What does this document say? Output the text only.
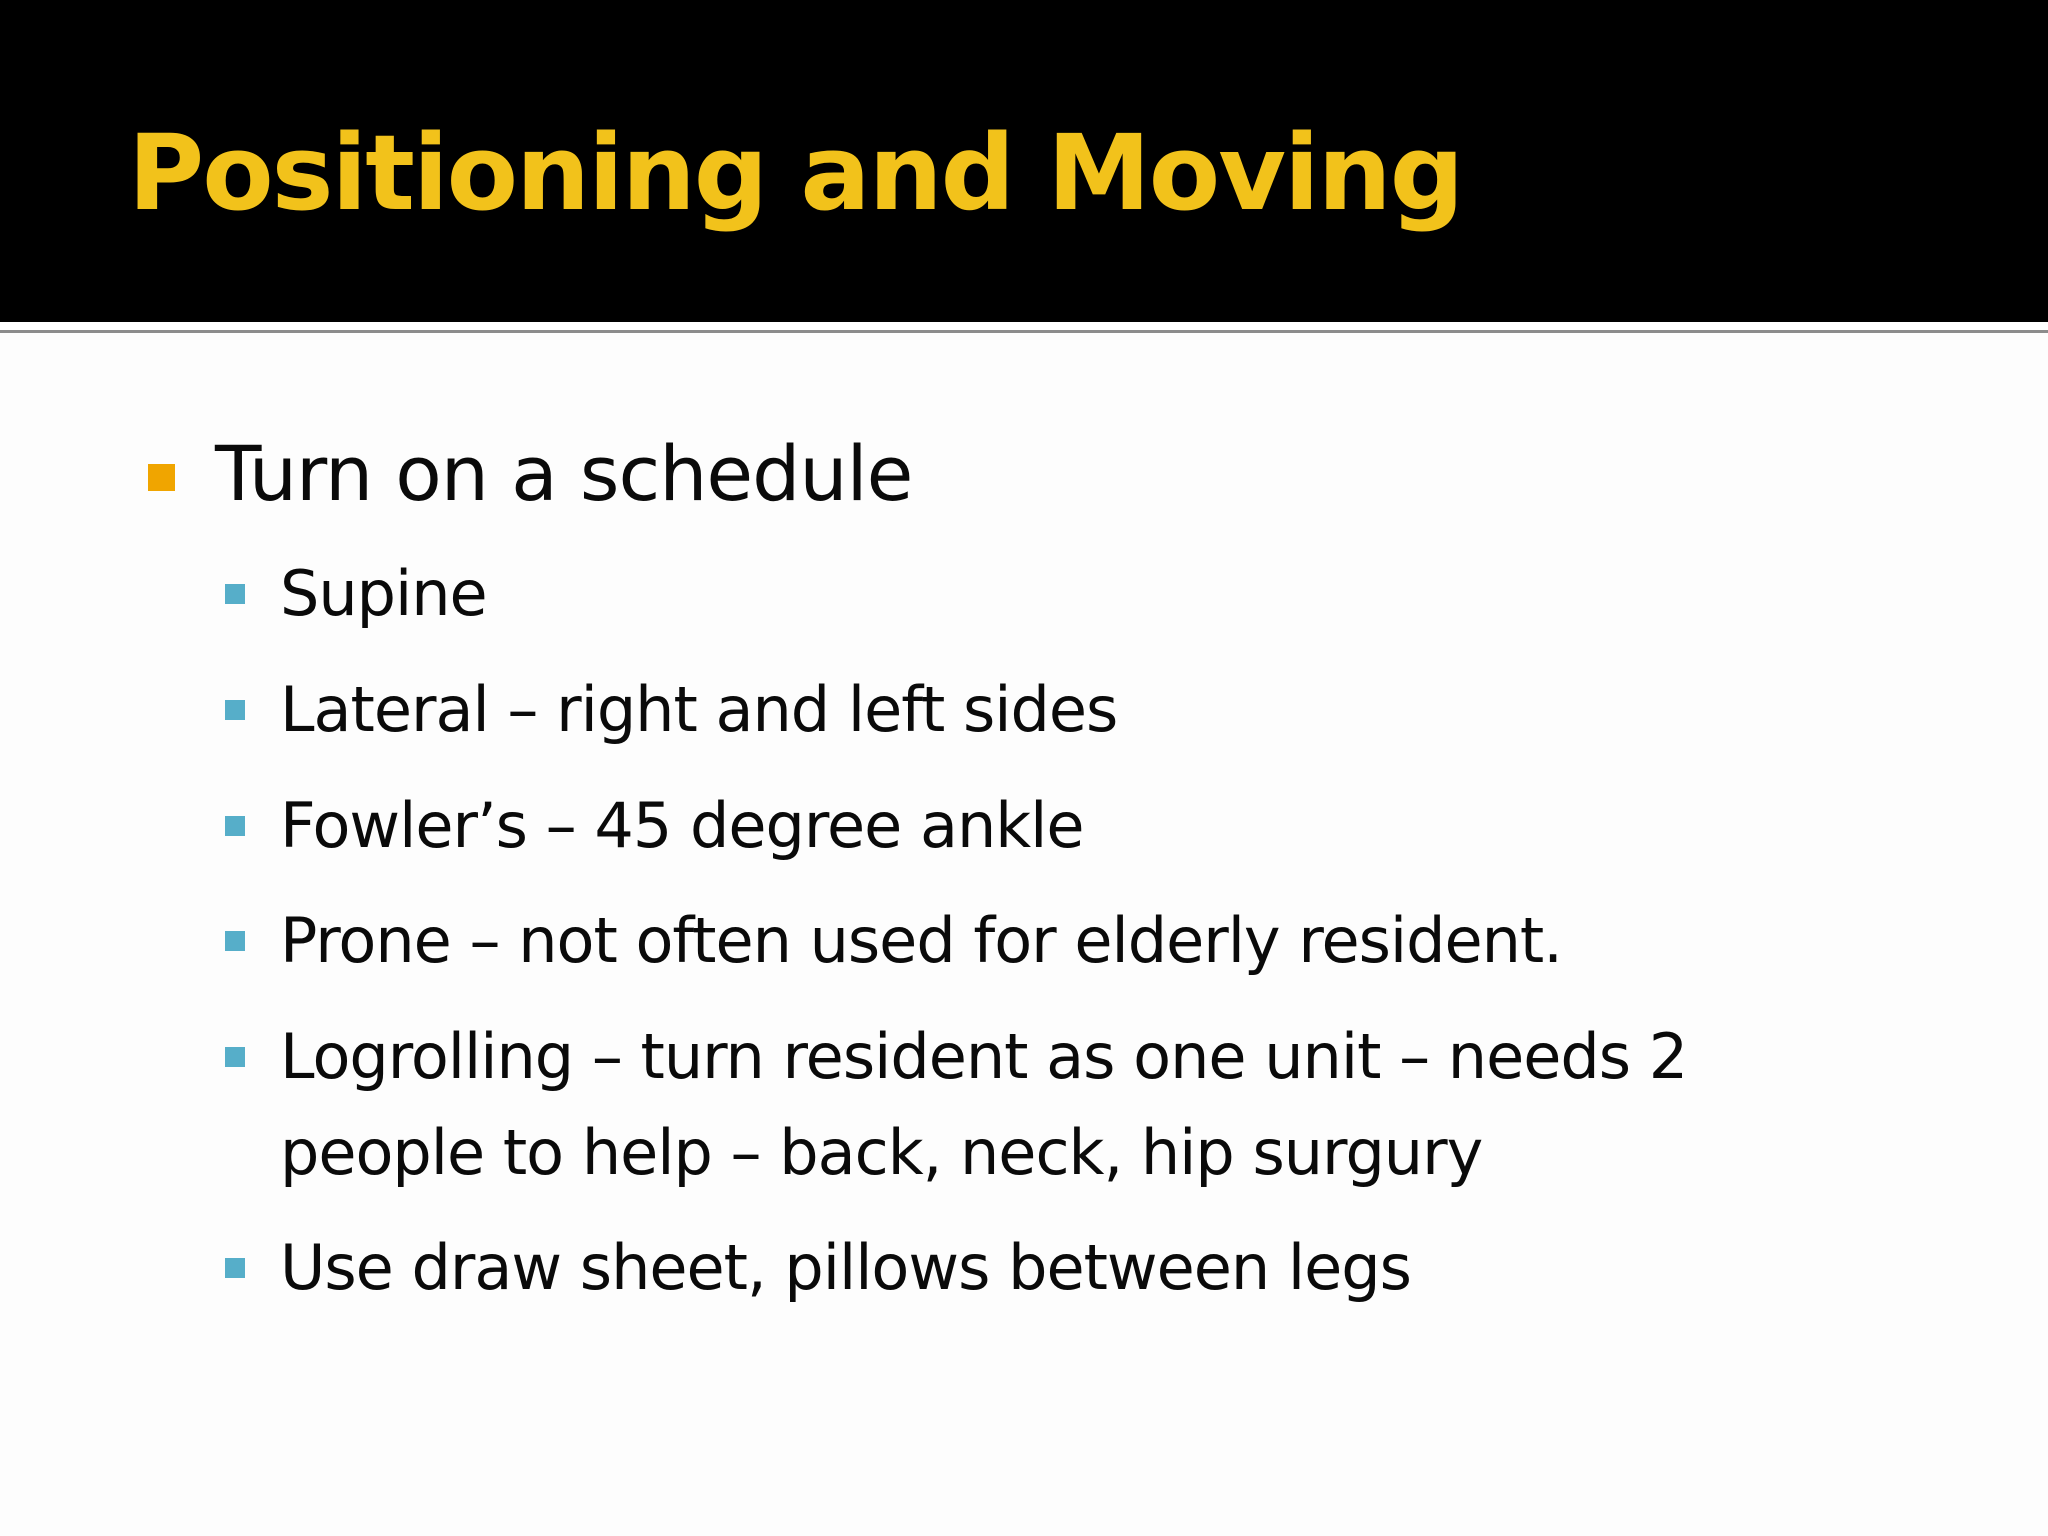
Positioning and Moving
Turn on a schedule
Supine
Lateral – right and left sides
Fowler’s – 45 degree ankle
Prone – not often used for elderly resident.
Logrolling – turn resident as one unit – needs 2
people to help – back, neck, hip surgury
Use draw sheet, pillows between legs
